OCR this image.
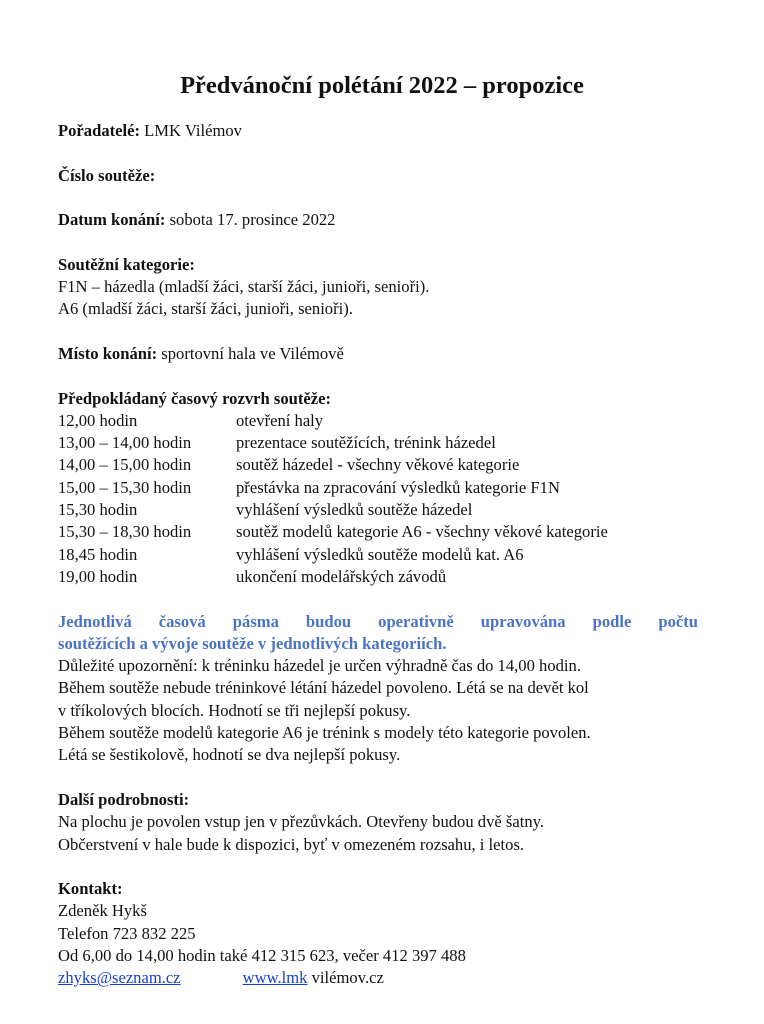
Předvánoční polétání 2022 – propozice
Pořadatelé: LMK Vilémov
Číslo soutěže:
Datum konání: sobota 17. prosince 2022
Soutěžní kategorie:
F1N – házedla (mladší žáci, starší žáci, junioři, senioři).
A6 (mladší žáci, starší žáci, junioři, senioři).
Místo konání: sportovní hala ve Vilémově
Předpokládaný časový rozvrh soutěže:
12,00 hodin	otevření haly
13,00 – 14,00 hodin	prezentace soutěžících, trénink házedel
14,00 – 15,00 hodin	soutěž házedel - všechny věkové kategorie
15,00 – 15,30 hodin	přestávka na zpracování výsledků kategorie F1N
15,30 hodin	vyhlášení výsledků soutěže házedel
15,30 – 18,30 hodin	soutěž modelů kategorie A6 - všechny věkové kategorie
18,45 hodin	vyhlášení výsledků soutěže modelů kat. A6
19,00 hodin	ukončení modelářských závodů
Jednotlivá časová pásma budou operativně upravována podle počtu
soutěžících a vývoje soutěže v jednotlivých kategoriích.
Důležité upozornění: k tréninku házedel je určen výhradně čas do 14,00 hodin.
Během soutěže nebude tréninkové létání házedel povoleno. Létá se na devět kol
v tříkolových blocích. Hodnotí se tři nejlepší pokusy.
Během soutěže modelů kategorie A6 je trénink s modely této kategorie povolen.
Létá se šestikolově, hodnotí se dva nejlepší pokusy.
Další podrobnosti:
Na plochu je povolen vstup jen v přezůvkách. Otevřeny budou dvě šatny.
Občerstvení v hale bude k dispozici, byť v omezeném rozsahu, i letos.
Kontakt:
Zdeněk Hykš
Telefon 723 832 225
Od 6,00 do 14,00 hodin také 412 315 623, večer 412 397 488
zhyks@seznam.cz	www.lmk vilémov.cz
